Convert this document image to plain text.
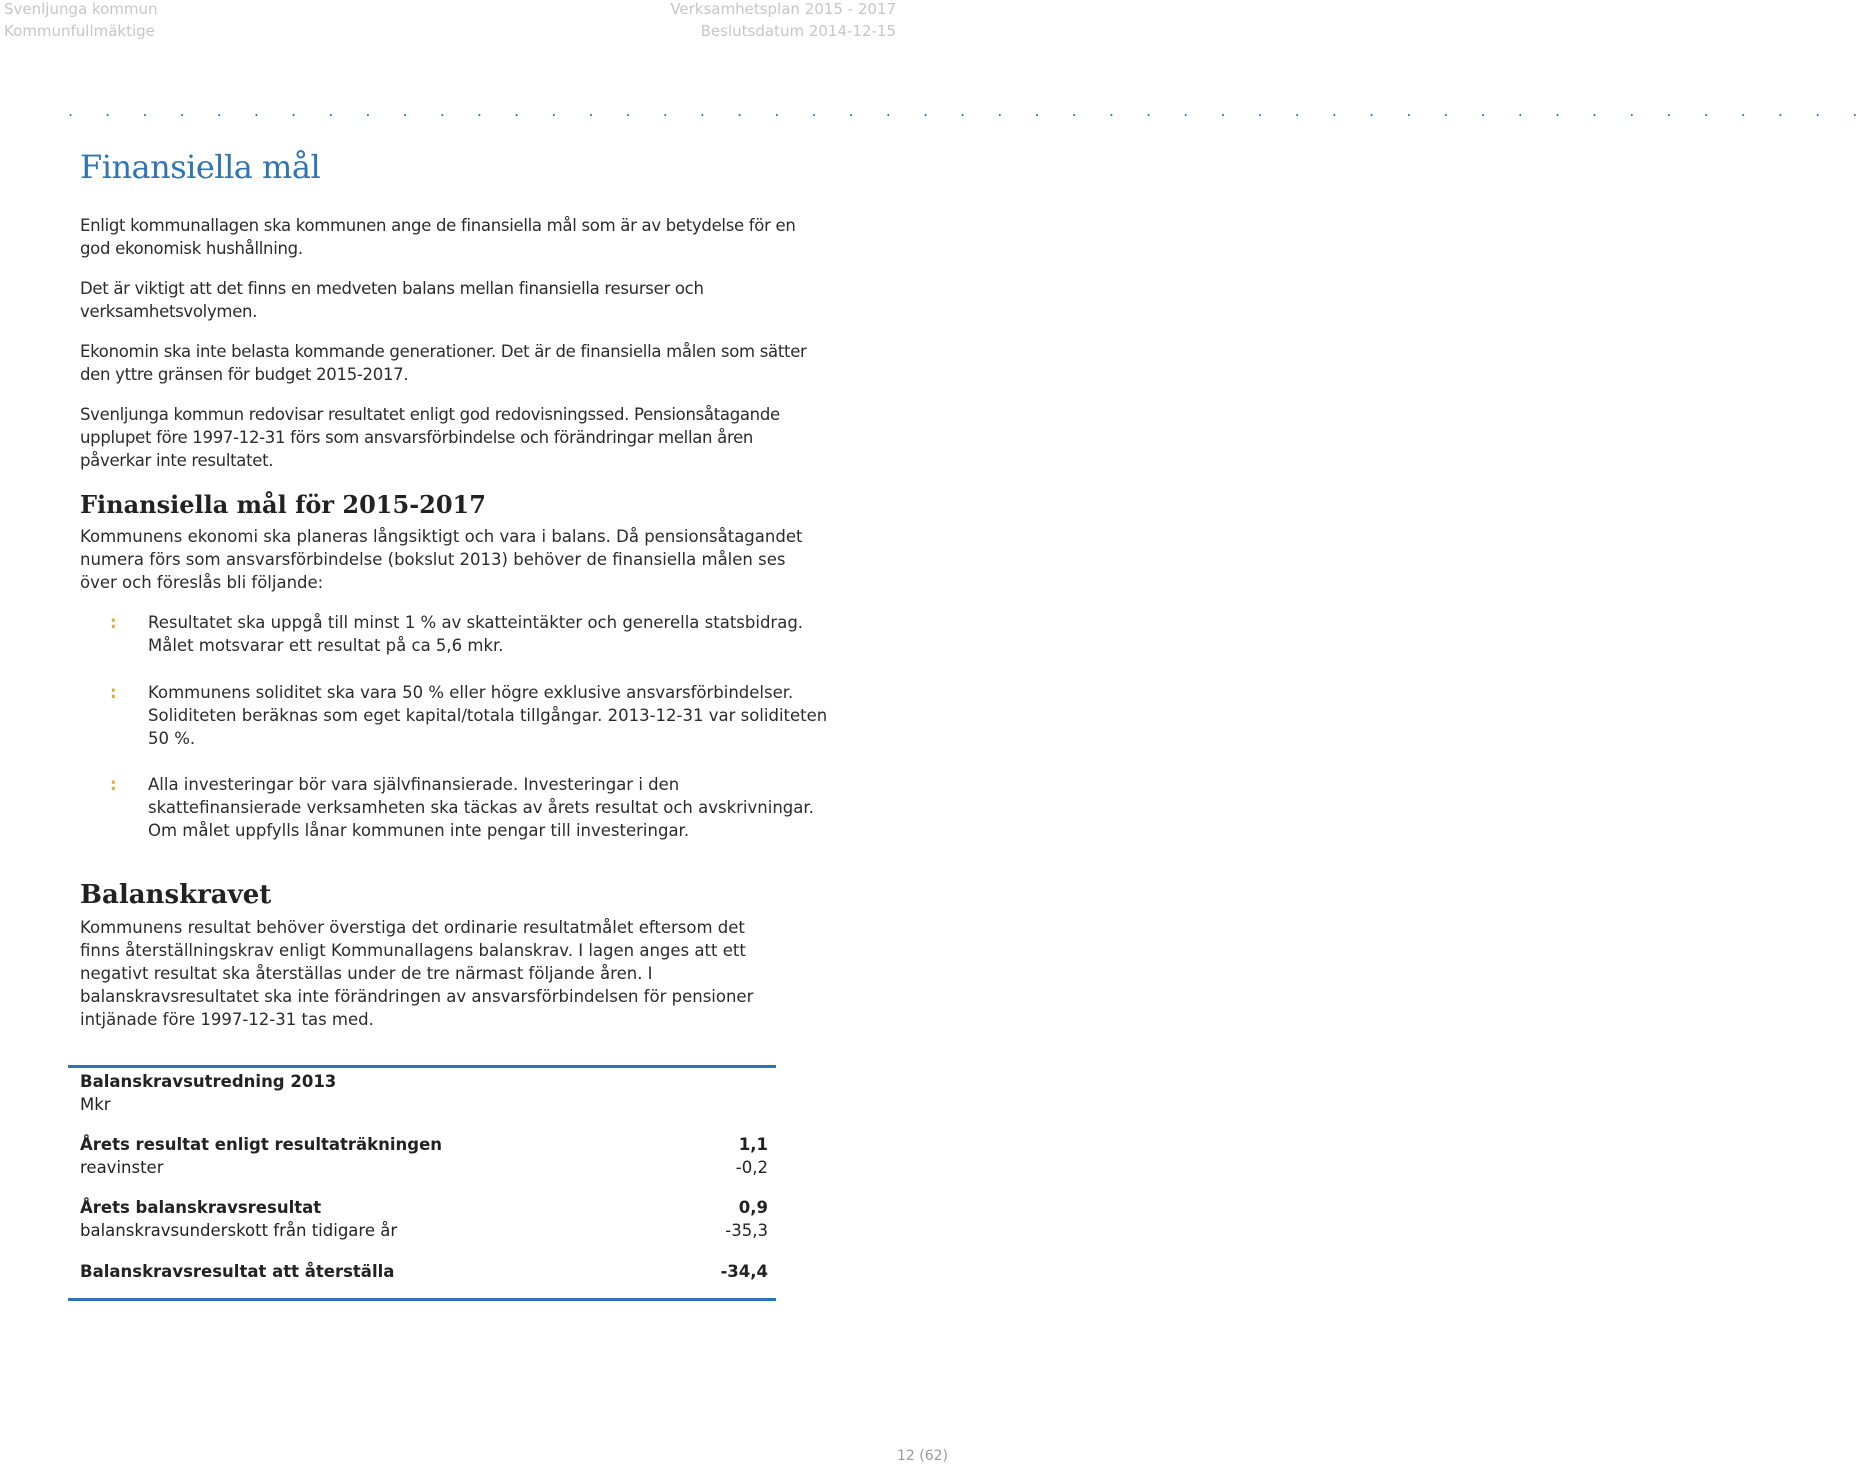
Svenljunga kommun
Kommunfullmäktige
Verksamhetsplan 2015 - 2017
Beslutsdatum 2014-12-15
. . . . . . . . . . . . . . . . . . . . . . . . . . . . . . . . . . . . . . . . . . . . . . . . .
Finansiella mål
Enligt kommunallagen ska kommunen ange de finansiella mål som är av betydelse för en god ekonomisk hushållning.
Det är viktigt att det finns en medveten balans mellan finansiella resurser och verksamhetsvolymen.
Ekonomin ska inte belasta kommande generationer. Det är de finansiella målen som sätter den yttre gränsen för budget 2015-2017.
Svenljunga kommun redovisar resultatet enligt god redovisningssed. Pensionsåtagande upplupet före 1997-12-31 förs som ansvarsförbindelse och förändringar mellan åren påverkar inte resultatet.
Finansiella mål för 2015-2017
Kommunens ekonomi ska planeras långsiktigt och vara i balans. Då pensionsåtagandet numera förs som ansvarsförbindelse (bokslut 2013) behöver de finansiella målen ses över och föreslås bli följande:
: Resultatet ska uppgå till minst 1 % av skatteintäkter och generella statsbidrag. Målet motsvarar ett resultat på ca 5,6 mkr.
: Kommunens soliditet ska vara 50 % eller högre exklusive ansvarsförbindelser. Soliditeten beräknas som eget kapital/totala tillgångar. 2013-12-31 var soliditeten 50 %.
: Alla investeringar bör vara självfinansierade. Investeringar i den skattefinansierade verksamheten ska täckas av årets resultat och avskrivningar. Om målet uppfylls lånar kommunen inte pengar till investeringar.
Balanskravet
Kommunens resultat behöver överstiga det ordinarie resultatmålet eftersom det finns återställningskrav enligt Kommunallagens balanskrav. I lagen anges att ett negativt resultat ska återställas under de tre närmast följande åren. I balanskravsresultatet ska inte förändringen av ansvarsförbindelsen för pensioner intjänade före 1997-12-31 tas med.
Balanskravsutredning 2013
Mkr
Årets resultat enligt resultaträkningen	1,1
reavinster	-0,2
Årets balanskravsresultat	0,9
balanskravsunderskott från tidigare år	-35,3
Balanskravsresultat att återställa	-34,4
12 (62)
